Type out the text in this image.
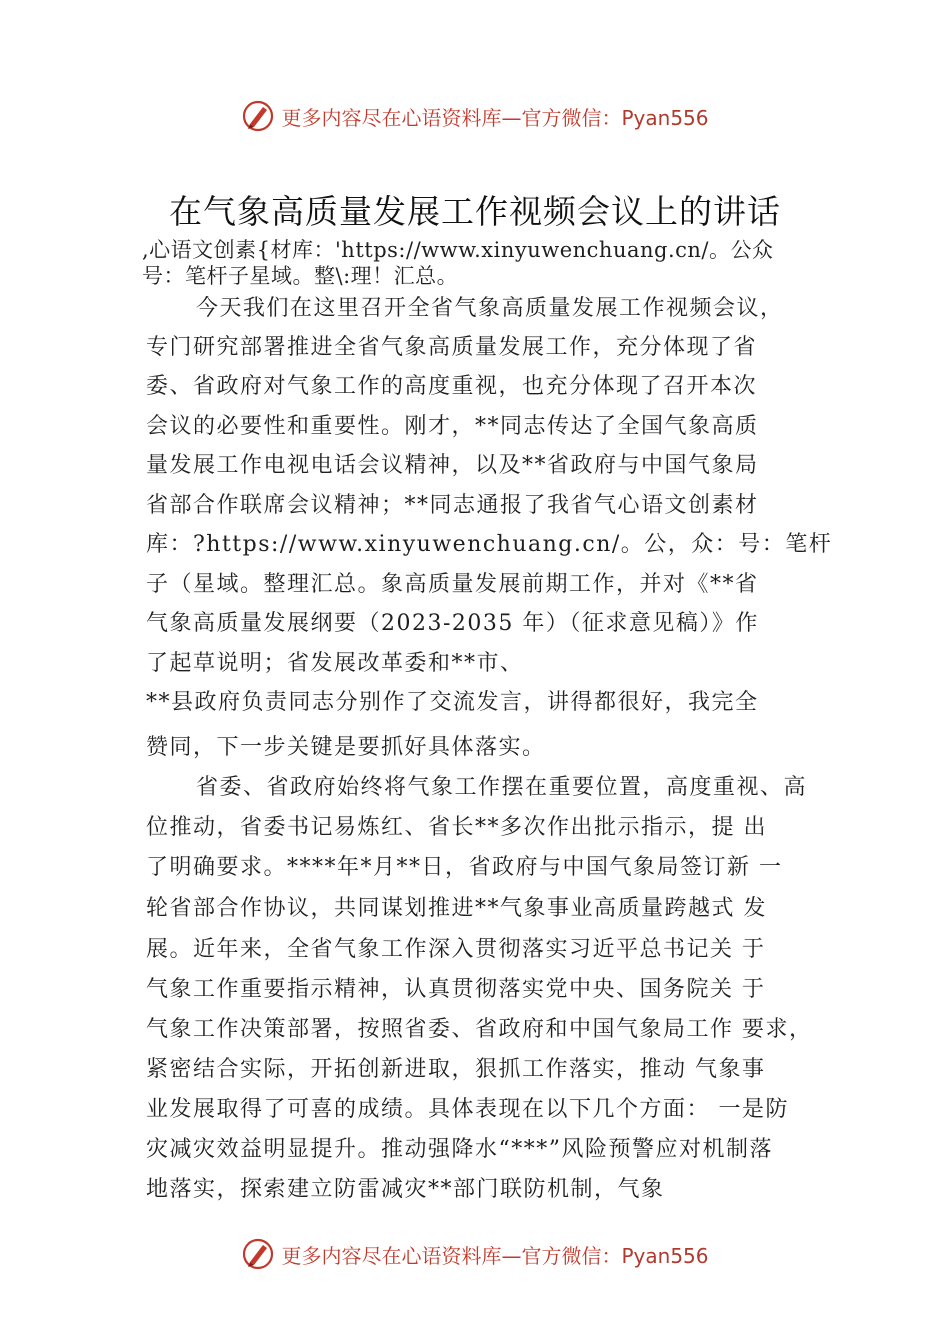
更多内容尽在心语资料库—官方微信：Pyan556
在气象高质量发展工作视频会议上的讲话
,心语文创素{材库：'https://www.xinyuwenchuang.cn/。公众
号：笔杆子星域。整\:理！汇总。
今天我们在这里召开全省气象高质量发展工作视频会议，
专门研究部署推进全省气象高质量发展工作，充分体现了省
委、省政府对气象工作的高度重视，也充分体现了召开本次
会议的必要性和重要性。刚才，**同志传达了全国气象高质
量发展工作电视电话会议精神，以及**省政府与中国气象局
省部合作联席会议精神；**同志通报了我省气心语文创素材
库：?https://www.xinyuwenchuang.cn/。公，众：号：笔杆
子（星域。整理汇总。象高质量发展前期工作，并对《**省
气象高质量发展纲要（2023-2035 年）（征求意见稿）》作
了起草说明；省发展改革委和**市、
**县政府负责同志分别作了交流发言，讲得都很好，我完全
赞同，下一步关键是要抓好具体落实。
省委、省政府始终将气象工作摆在重要位置，高度重视、高
位推动，省委书记易炼红、省长**多次作出批示指示，提 出
了明确要求。****年*月**日，省政府与中国气象局签订新 一
轮省部合作协议，共同谋划推进**气象事业高质量跨越式 发
展。近年来，全省气象工作深入贯彻落实习近平总书记关 于
气象工作重要指示精神，认真贯彻落实党中央、国务院关 于
气象工作决策部署，按照省委、省政府和中国气象局工作 要求，
紧密结合实际，开拓创新进取，狠抓工作落实，推动 气象事
业发展取得了可喜的成绩。具体表现在以下几个方面： 一是防
灾减灾效益明显提升。推动强降水“***”风险预警应对机制落
地落实，探索建立防雷减灾**部门联防机制，气象
更多内容尽在心语资料库—官方微信：Pyan556
